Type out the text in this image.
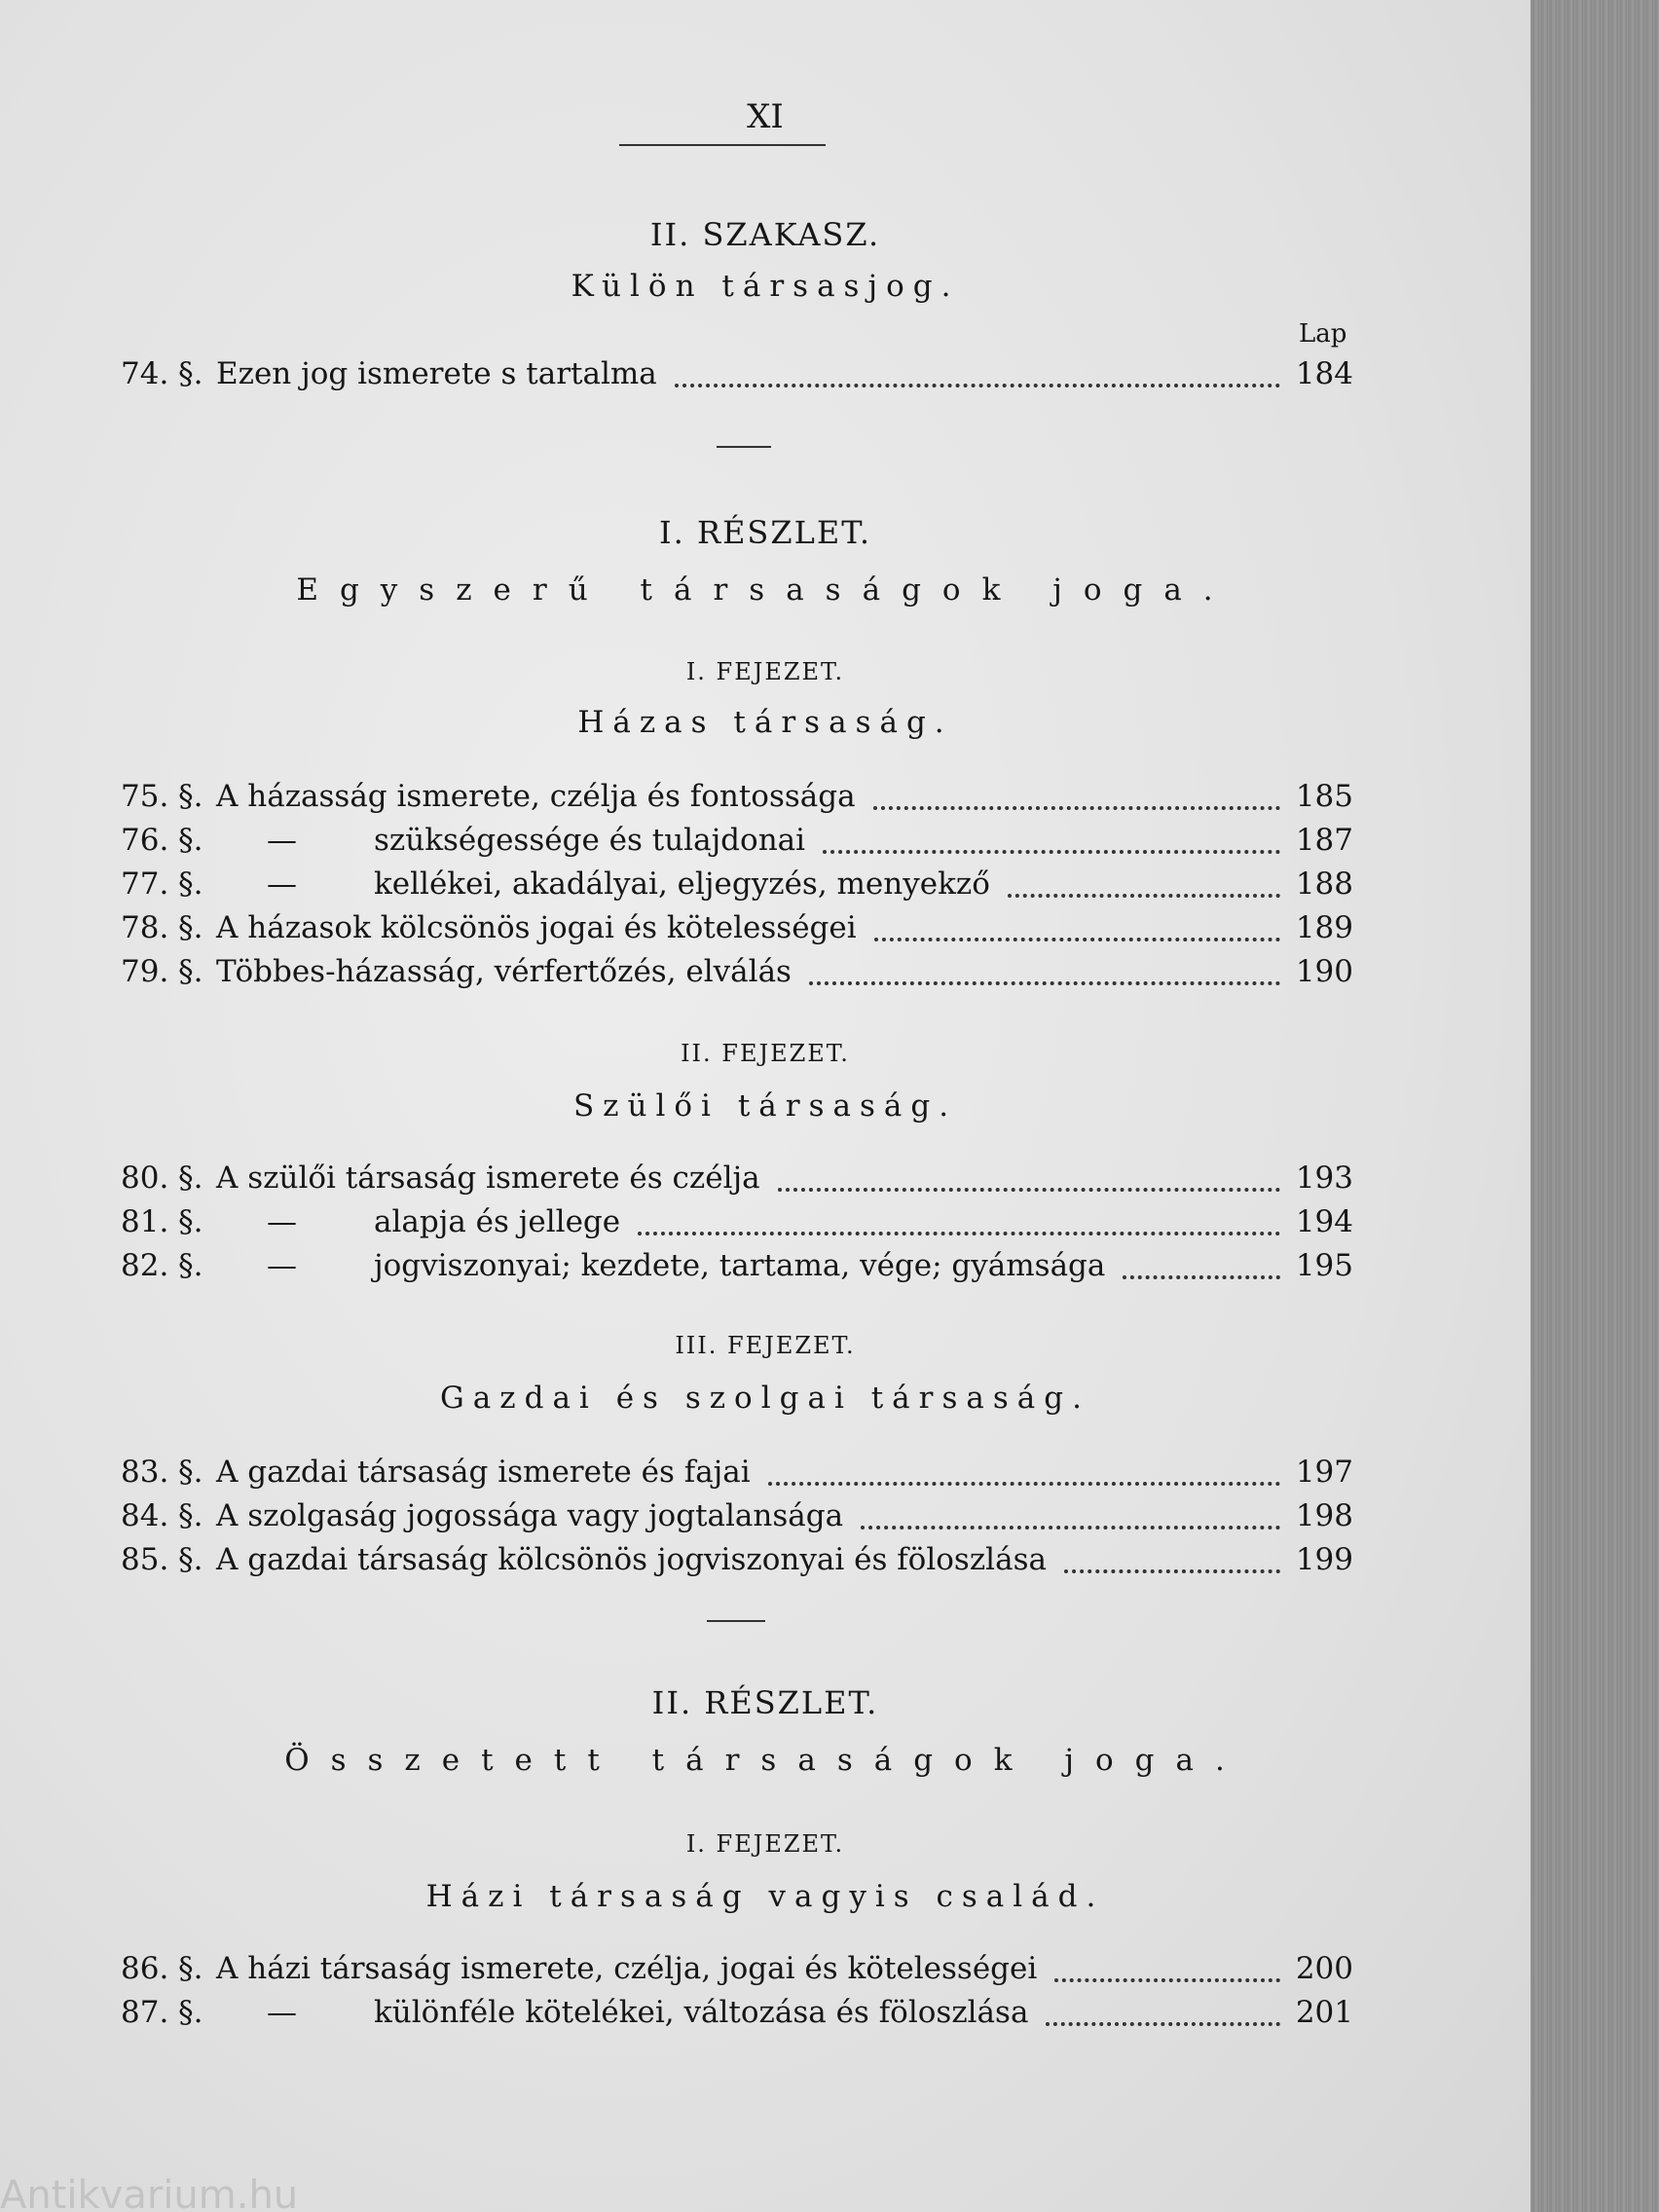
XI
II. SZAKASZ.
Külön társasjog.
Lap
74. §. Ezen jog ismerete s tartalma	184
I. RÉSZLET.
Egyszerű társaságok joga.
I. FEJEZET.
Házas társaság.
75. §. A házasság ismerete, czélja és fontossága	185
76. §.	—	szükségessége és tulajdonai	187
77. §.	—	kellékei, akadályai, eljegyzés, menyekző	188
78. §. A házasok kölcsönös jogai és kötelességei	189
79. §. Többes-házasság, vérfertőzés, elválás	190
II. FEJEZET.
Szülői társaság.
80. §. A szülői társaság ismerete és czélja	193
81. §.	—	alapja és jellege	194
82. §.	—	jogviszonyai; kezdete, tartama, vége; gyámsága	195
III. FEJEZET.
Gazdai és szolgai társaság.
83. §. A gazdai társaság ismerete és fajai	197
84. §. A szolgaság jogossága vagy jogtalansága	198
85. §. A gazdai társaság kölcsönös jogviszonyai és föloszlása	199
II. RÉSZLET.
Összetett társaságok joga.
I. FEJEZET.
Házi társaság vagyis család.
86. §. A házi társaság ismerete, czélja, jogai és kötelességei	200
87. §.	—	különféle kötelékei, változása és föloszlása	201
Antikvarium.hu
